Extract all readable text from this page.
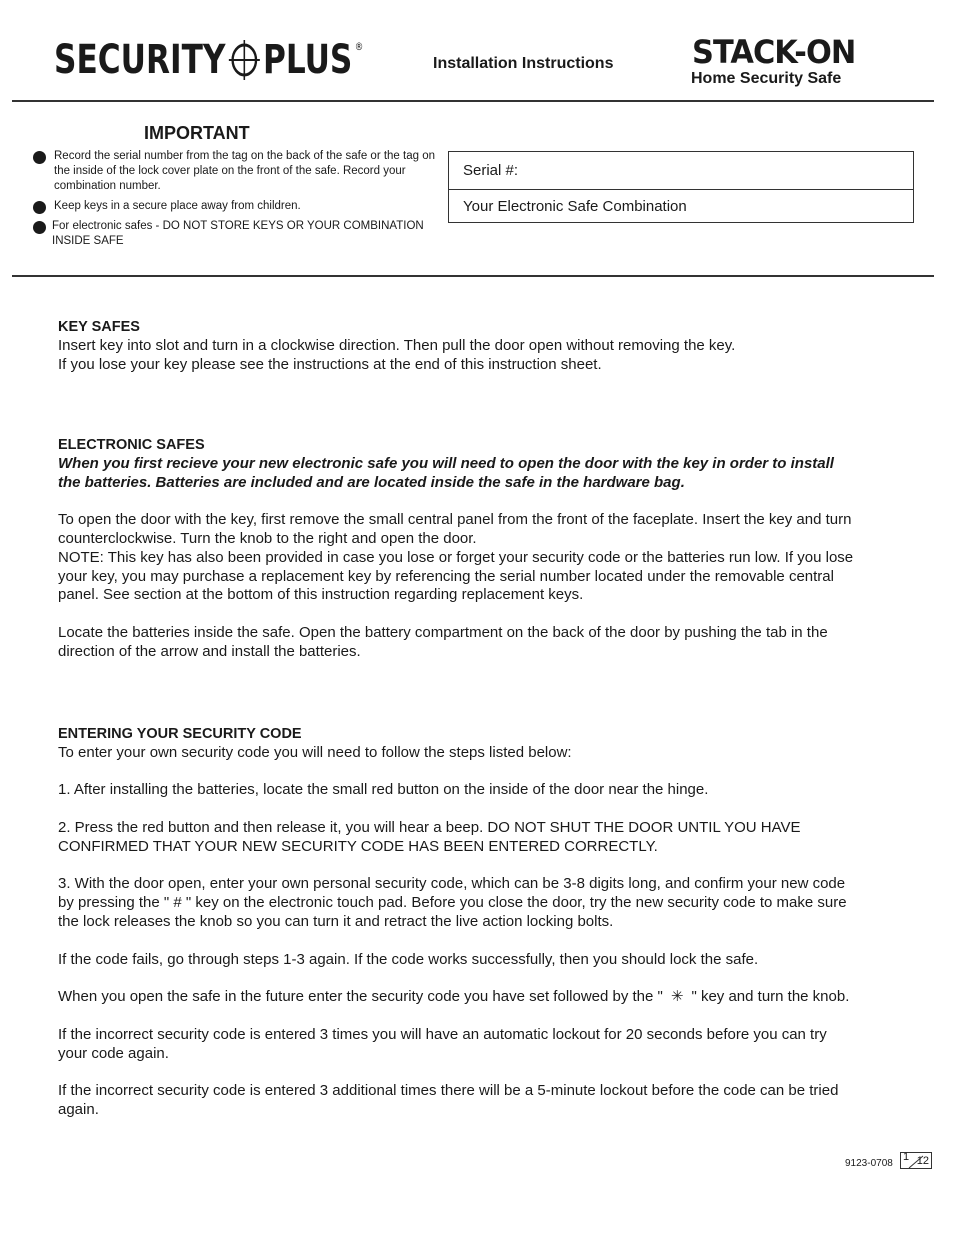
SECURITY PLUS ®
Installation Instructions STACK-ON
Home Security Safe
IMPORTANT
Record the serial number from the tag on the back of the safe or the tag on the inside of the lock cover plate on the front of the safe. Record your combination number.
Keep keys in a secure place away from children.
For electronic safes - DO NOT STORE KEYS OR YOUR COMBINATION INSIDE SAFE
Serial #:
Your Electronic Safe Combination

KEY SAFES

Insert key into slot and turn in a clockwise direction. Then pull the door open without removing the key.

If you lose your key please see the instructions at the end of this instruction sheet.

ELECTRONIC SAFES

When you first recieve your new electronic safe you will need to open the door with the key in order to install the batteries. Batteries are included and are located inside the safe in the hardware bag.

To open the door with the key, first remove the small central panel from the front of the faceplate. Insert the key and turn counterclockwise. Turn the knob to the right and open the door.

NOTE: This key has also been provided in case you lose or forget your security code or the batteries run low. If you lose your key, you may purchase a replacement key by referencing the serial number located under the removable central panel. See section at the bottom of this instruction regarding replacement keys.

Locate the batteries inside the safe. Open the battery compartment on the back of the door by pushing the tab in the direction of the arrow and install the batteries.

ENTERING YOUR SECURITY CODE

To enter your own security code you will need to follow the steps listed below:

1. After installing the batteries, locate the small red button on the inside of the door near the hinge.

2. Press the red button and then release it, you will hear a beep. DO NOT SHUT THE DOOR UNTIL YOU HAVE CONFIRMED THAT YOUR NEW SECURITY CODE HAS BEEN ENTERED CORRECTLY.

3. With the door open, enter your own personal security code, which can be 3-8 digits long, and confirm your new code by pressing the " # " key on the electronic touch pad. Before you close the door, try the new security code to make sure the lock releases the knob so you can turn it and retract the live action locking bolts.

If the code fails, go through steps 1-3 again. If the code works successfully, then you should lock the safe.

When you open the safe in the future enter the security code you have set followed by the " ✳ " key and turn the knob.

If the incorrect security code is entered 3 times you will have an automatic lockout for 20 seconds before you can try your code again.

If the incorrect security code is entered 3 additional times there will be a 5-minute lockout before the code can be tried again.

9123-0708
1 12
